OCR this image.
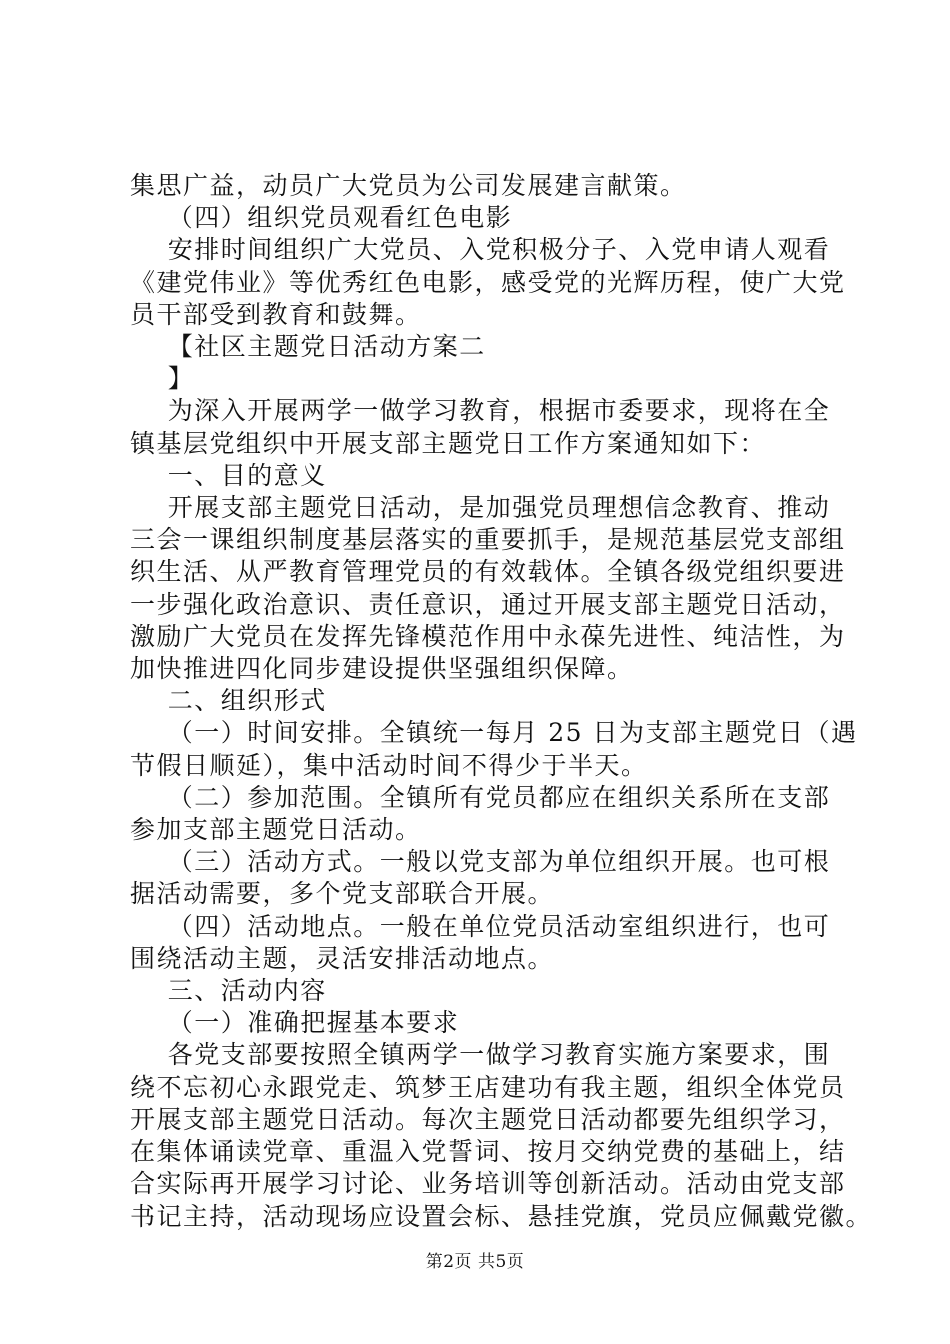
集思广益，动员广大党员为公司发展建言献策。

（四）组织党员观看红色电影

安排时间组织广大党员、入党积极分子、入党申请人观看

《建党伟业》等优秀红色电影，感受党的光辉历程，使广大党

员干部受到教育和鼓舞。

【社区主题党日活动方案二

】

为深入开展两学一做学习教育，根据市委要求，现将在全

镇基层党组织中开展支部主题党日工作方案通知如下：

一、目的意义

开展支部主题党日活动，是加强党员理想信念教育、推动

三会一课组织制度基层落实的重要抓手，是规范基层党支部组

织生活、从严教育管理党员的有效载体。全镇各级党组织要进

一步强化政治意识、责任意识，通过开展支部主题党日活动，

激励广大党员在发挥先锋模范作用中永葆先进性、纯洁性，为

加快推进四化同步建设提供坚强组织保障。

二、组织形式

（一）时间安排。全镇统一每月 25 日为支部主题党日（遇

节假日顺延），集中活动时间不得少于半天。

（二）参加范围。全镇所有党员都应在组织关系所在支部

参加支部主题党日活动。

（三）活动方式。一般以党支部为单位组织开展。也可根

据活动需要，多个党支部联合开展。

（四）活动地点。一般在单位党员活动室组织进行，也可

围绕活动主题，灵活安排活动地点。

三、活动内容

（一）准确把握基本要求

各党支部要按照全镇两学一做学习教育实施方案要求，围

绕不忘初心永跟党走、筑梦王店建功有我主题，组织全体党员

开展支部主题党日活动。每次主题党日活动都要先组织学习，

在集体诵读党章、重温入党誓词、按月交纳党费的基础上，结

合实际再开展学习讨论、业务培训等创新活动。活动由党支部

书记主持，活动现场应设置会标、悬挂党旗，党员应佩戴党徽。

第2页 共5页
